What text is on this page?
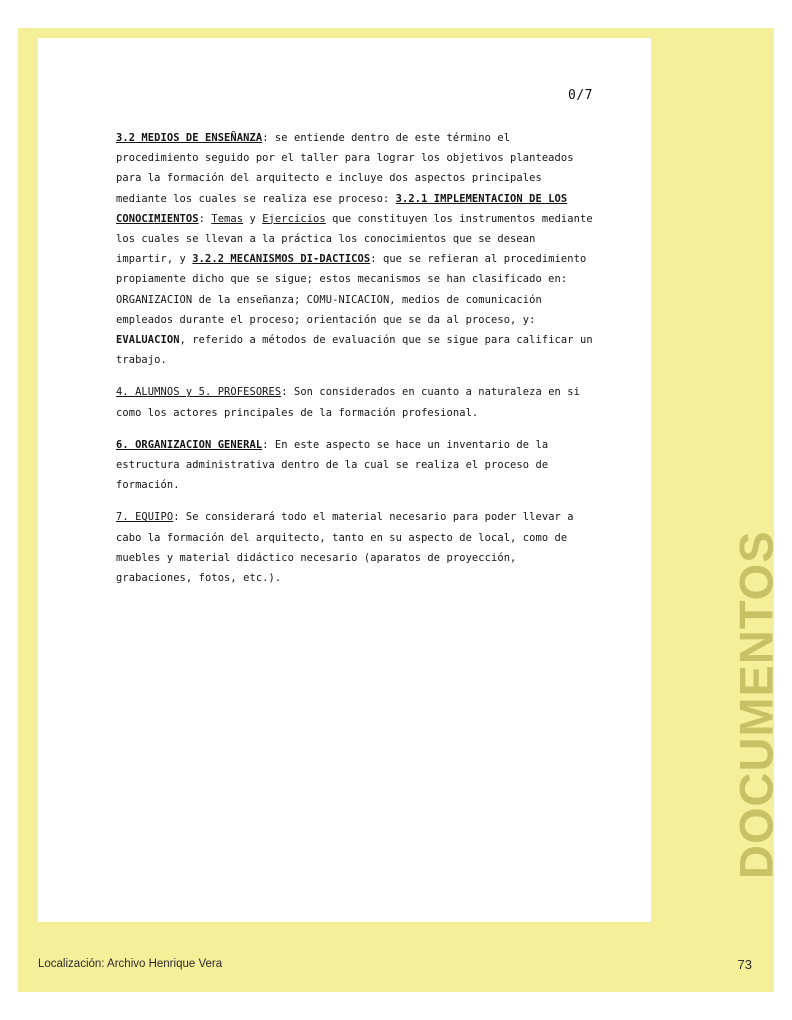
DOCUMENTOS
0/7

3.2 MEDIOS DE ENSEÑANZA: se entiende dentro de este término el procedimiento seguido por el taller para lograr los objetivos planteados para la formación del arquitecto e incluye dos aspectos principales mediante los cuales se realiza ese proceso: 3.2.1 IMPLEMENTACION DE LOS CONOCIMIENTOS: Temas y Ejercicios que constituyen los instrumentos mediante los cuales se llevan a la práctica los conocimientos que se desean impartir, y 3.2.2 MECANISMOS DI-DACTICOS: que se refieran al procedimiento propiamente dicho que se sigue; estos mecanismos se han clasificado en: ORGANIZACION de la enseñanza; COMU-NICACION, medios de comunicación empleados durante el proceso; orientación que se da al proceso, y: EVALUACION, referido a métodos de evaluación que se sigue para calificar un trabajo.

4. ALUMNOS y 5. PROFESORES: Son considerados en cuanto a naturaleza en si como los actores principales de la formación profesional.

6. ORGANIZACION GENERAL: En este aspecto se hace un inventario de la estructura administrativa dentro de la cual se realiza el proceso de formación.

7. EQUIPO: Se considerará todo el material necesario para poder llevar a cabo la formación del arquitecto, tanto en su aspecto de local, como de muebles y material didáctico necesario (aparatos de proyección, grabaciones, fotos, etc.).

Localización: Archivo Henrique Vera	73
